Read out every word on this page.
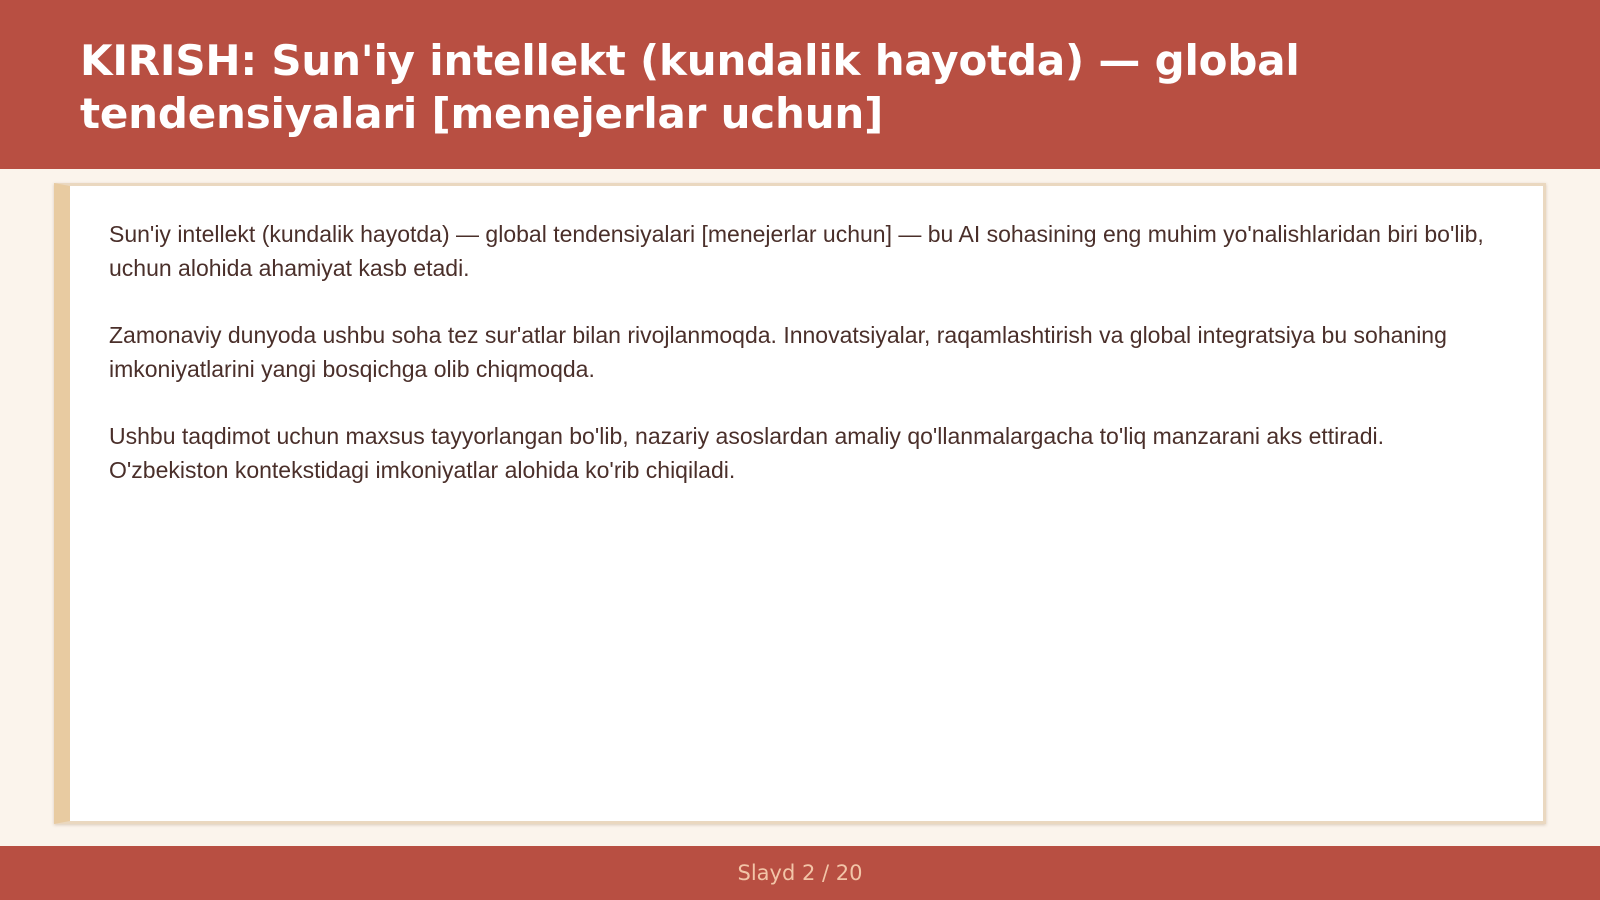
KIRISH: Sun'iy intellekt (kundalik hayotda) — global tendensiyalari [menejerlar uchun]

Sun'iy intellekt (kundalik hayotda) — global tendensiyalari [menejerlar uchun] — bu AI sohasining eng muhim yo'nalishlaridan biri bo'lib, uchun alohida ahamiyat kasb etadi.

Zamonaviy dunyoda ushbu soha tez sur'atlar bilan rivojlanmoqda. Innovatsiyalar, raqamlashtirish va global integratsiya bu sohaning imkoniyatlarini yangi bosqichga olib chiqmoqda.

Ushbu taqdimot uchun maxsus tayyorlangan bo'lib, nazariy asoslardan amaliy qo'llanmalargacha to'liq manzarani aks ettiradi. O'zbekiston kontekstidagi imkoniyatlar alohida ko'rib chiqiladi.

Slayd 2 / 20
